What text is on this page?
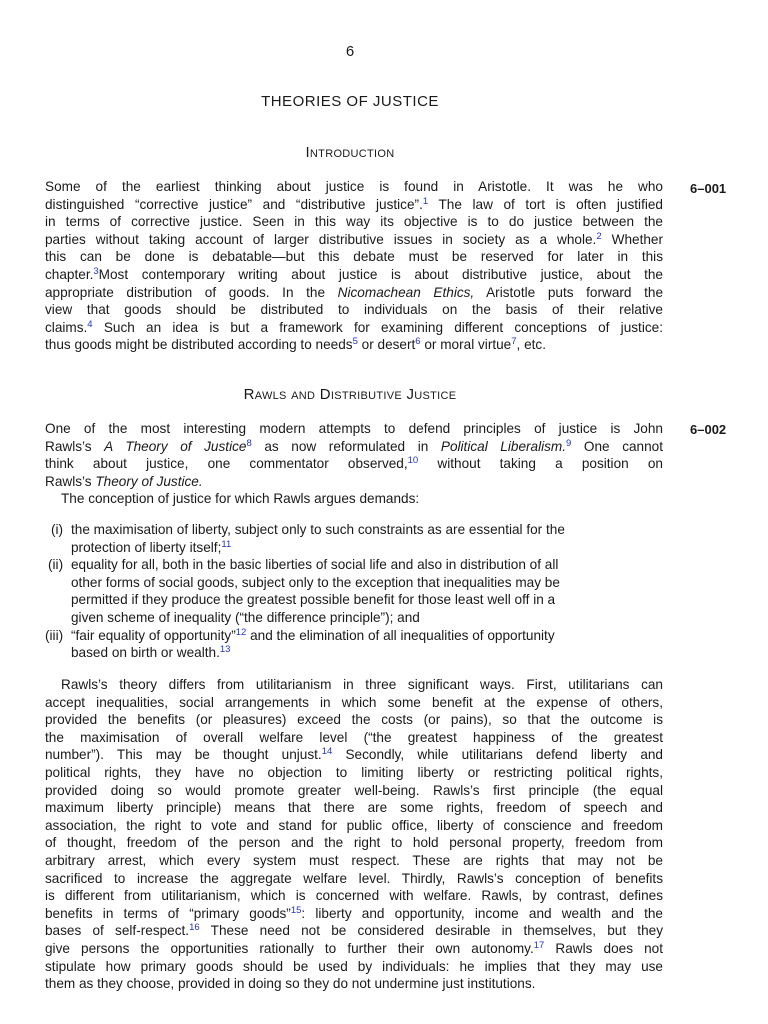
6
THEORIES OF JUSTICE
Introduction
6–001
Some of the earliest thinking about justice is found in Aristotle. It was he who
distinguished “corrective justice” and “distributive justice”.$^1$ The law of tort is often justified
in terms of corrective justice. Seen in this way its objective is to do justice between the
parties without taking account of larger distributive issues in society as a whole.$^2$ Whether
this can be done is debatable—but this debate must be reserved for later in this
chapter.$^3$Most contemporary writing about justice is about distributive justice, about the
appropriate distribution of goods. In the Nicomachean Ethics, Aristotle puts forward the
view that goods should be distributed to individuals on the basis of their relative
claims.$^4$ Such an idea is but a framework for examining different conceptions of justice:
thus goods might be distributed according to needs$^5$ or desert$^6$ or moral virtue$^7$, etc.
Rawls and Distributive Justice
6–002
One of the most interesting modern attempts to defend principles of justice is John
Rawls’s A Theory of Justice$^8$ as now reformulated in Political Liberalism.$^9$ One cannot
think about justice, one commentator observed,$^{10}$ without taking a position on
Rawls’s Theory of Justice.
The conception of justice for which Rawls argues demands:
(i) the maximisation of liberty, subject only to such constraints as are essential for the
protection of liberty itself;$^{11}$
(ii) equality for all, both in the basic liberties of social life and also in distribution of all
other forms of social goods, subject only to the exception that inequalities may be
permitted if they produce the greatest possible benefit for those least well off in a
given scheme of inequality (“the difference principle”); and
(iii) “fair equality of opportunity”$^{12}$ and the elimination of all inequalities of opportunity
based on birth or wealth.$^{13}$
Rawls’s theory differs from utilitarianism in three significant ways. First, utilitarians can
accept inequalities, social arrangements in which some benefit at the expense of others,
provided the benefits (or pleasures) exceed the costs (or pains), so that the outcome is
the maximisation of overall welfare level (“the greatest happiness of the greatest
number”). This may be thought unjust.$^{14}$ Secondly, while utilitarians defend liberty and
political rights, they have no objection to limiting liberty or restricting political rights,
provided doing so would promote greater well-being. Rawls’s first principle (the equal
maximum liberty principle) means that there are some rights, freedom of speech and
association, the right to vote and stand for public office, liberty of conscience and freedom
of thought, freedom of the person and the right to hold personal property, freedom from
arbitrary arrest, which every system must respect. These are rights that may not be
sacrificed to increase the aggregate welfare level. Thirdly, Rawls’s conception of benefits
is different from utilitarianism, which is concerned with welfare. Rawls, by contrast, defines
benefits in terms of “primary goods”$^{15}$: liberty and opportunity, income and wealth and the
bases of self-respect.$^{16}$ These need not be considered desirable in themselves, but they
give persons the opportunities rationally to further their own autonomy.$^{17}$ Rawls does not
stipulate how primary goods should be used by individuals: he implies that they may use
them as they choose, provided in doing so they do not undermine just institutions.
